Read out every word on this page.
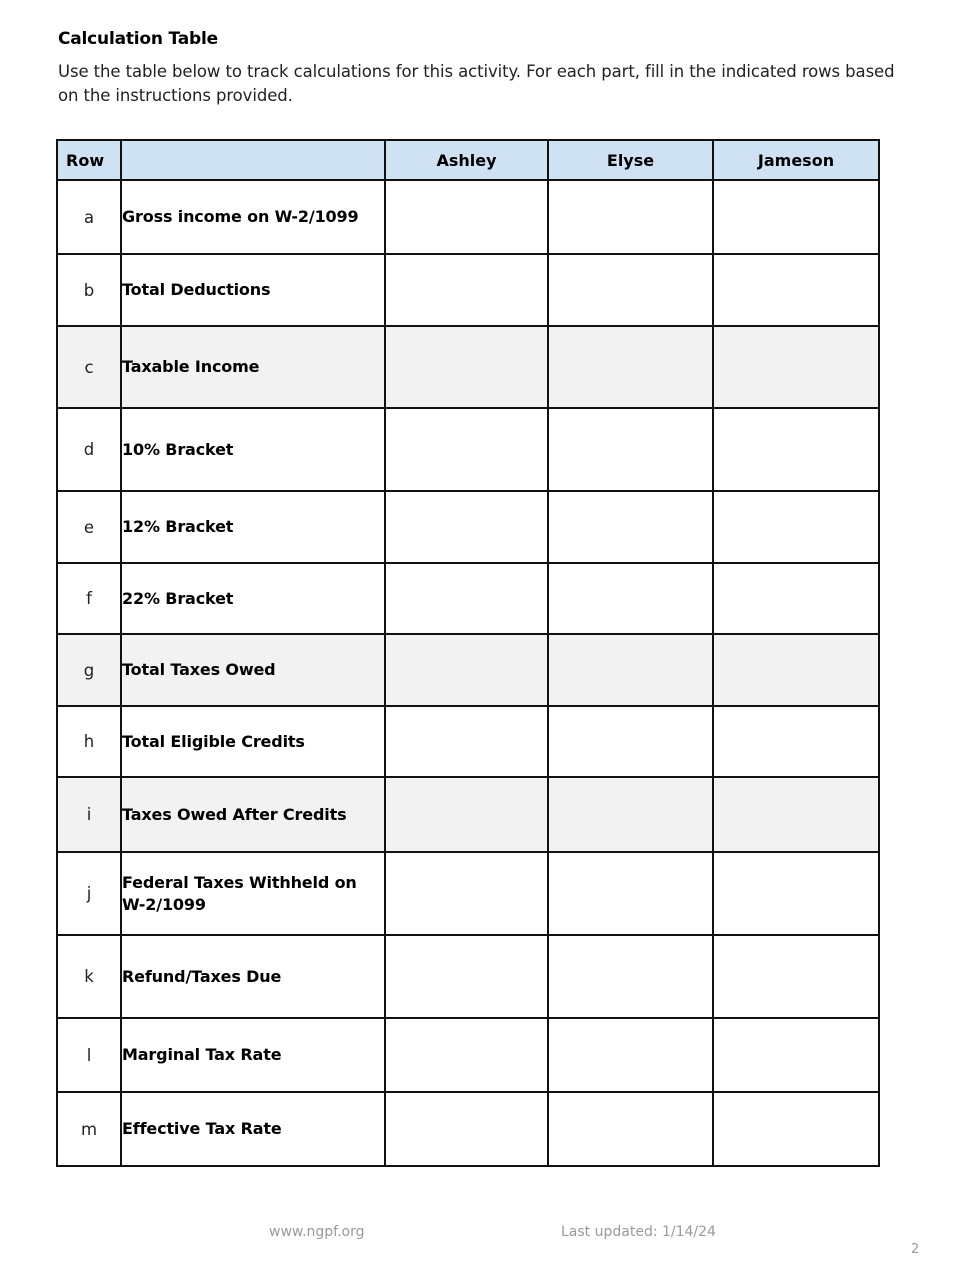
Calculation Table
Use the table below to track calculations for this activity. For each part, fill in the indicated rows based on the instructions provided.
Row		Ashley	Elyse	Jameson
a	Gross income on W-2/1099			
b	Total Deductions			
c	Taxable Income			
d	10% Bracket			
e	12% Bracket			
f	22% Bracket			
g	Total Taxes Owed			
h	Total Eligible Credits			
i	Taxes Owed After Credits			
j	Federal Taxes Withheld on W-2/1099			
k	Refund/Taxes Due			
l	Marginal Tax Rate			
m	Effective Tax Rate			
www.ngpf.org	Last updated: 1/14/24
2
